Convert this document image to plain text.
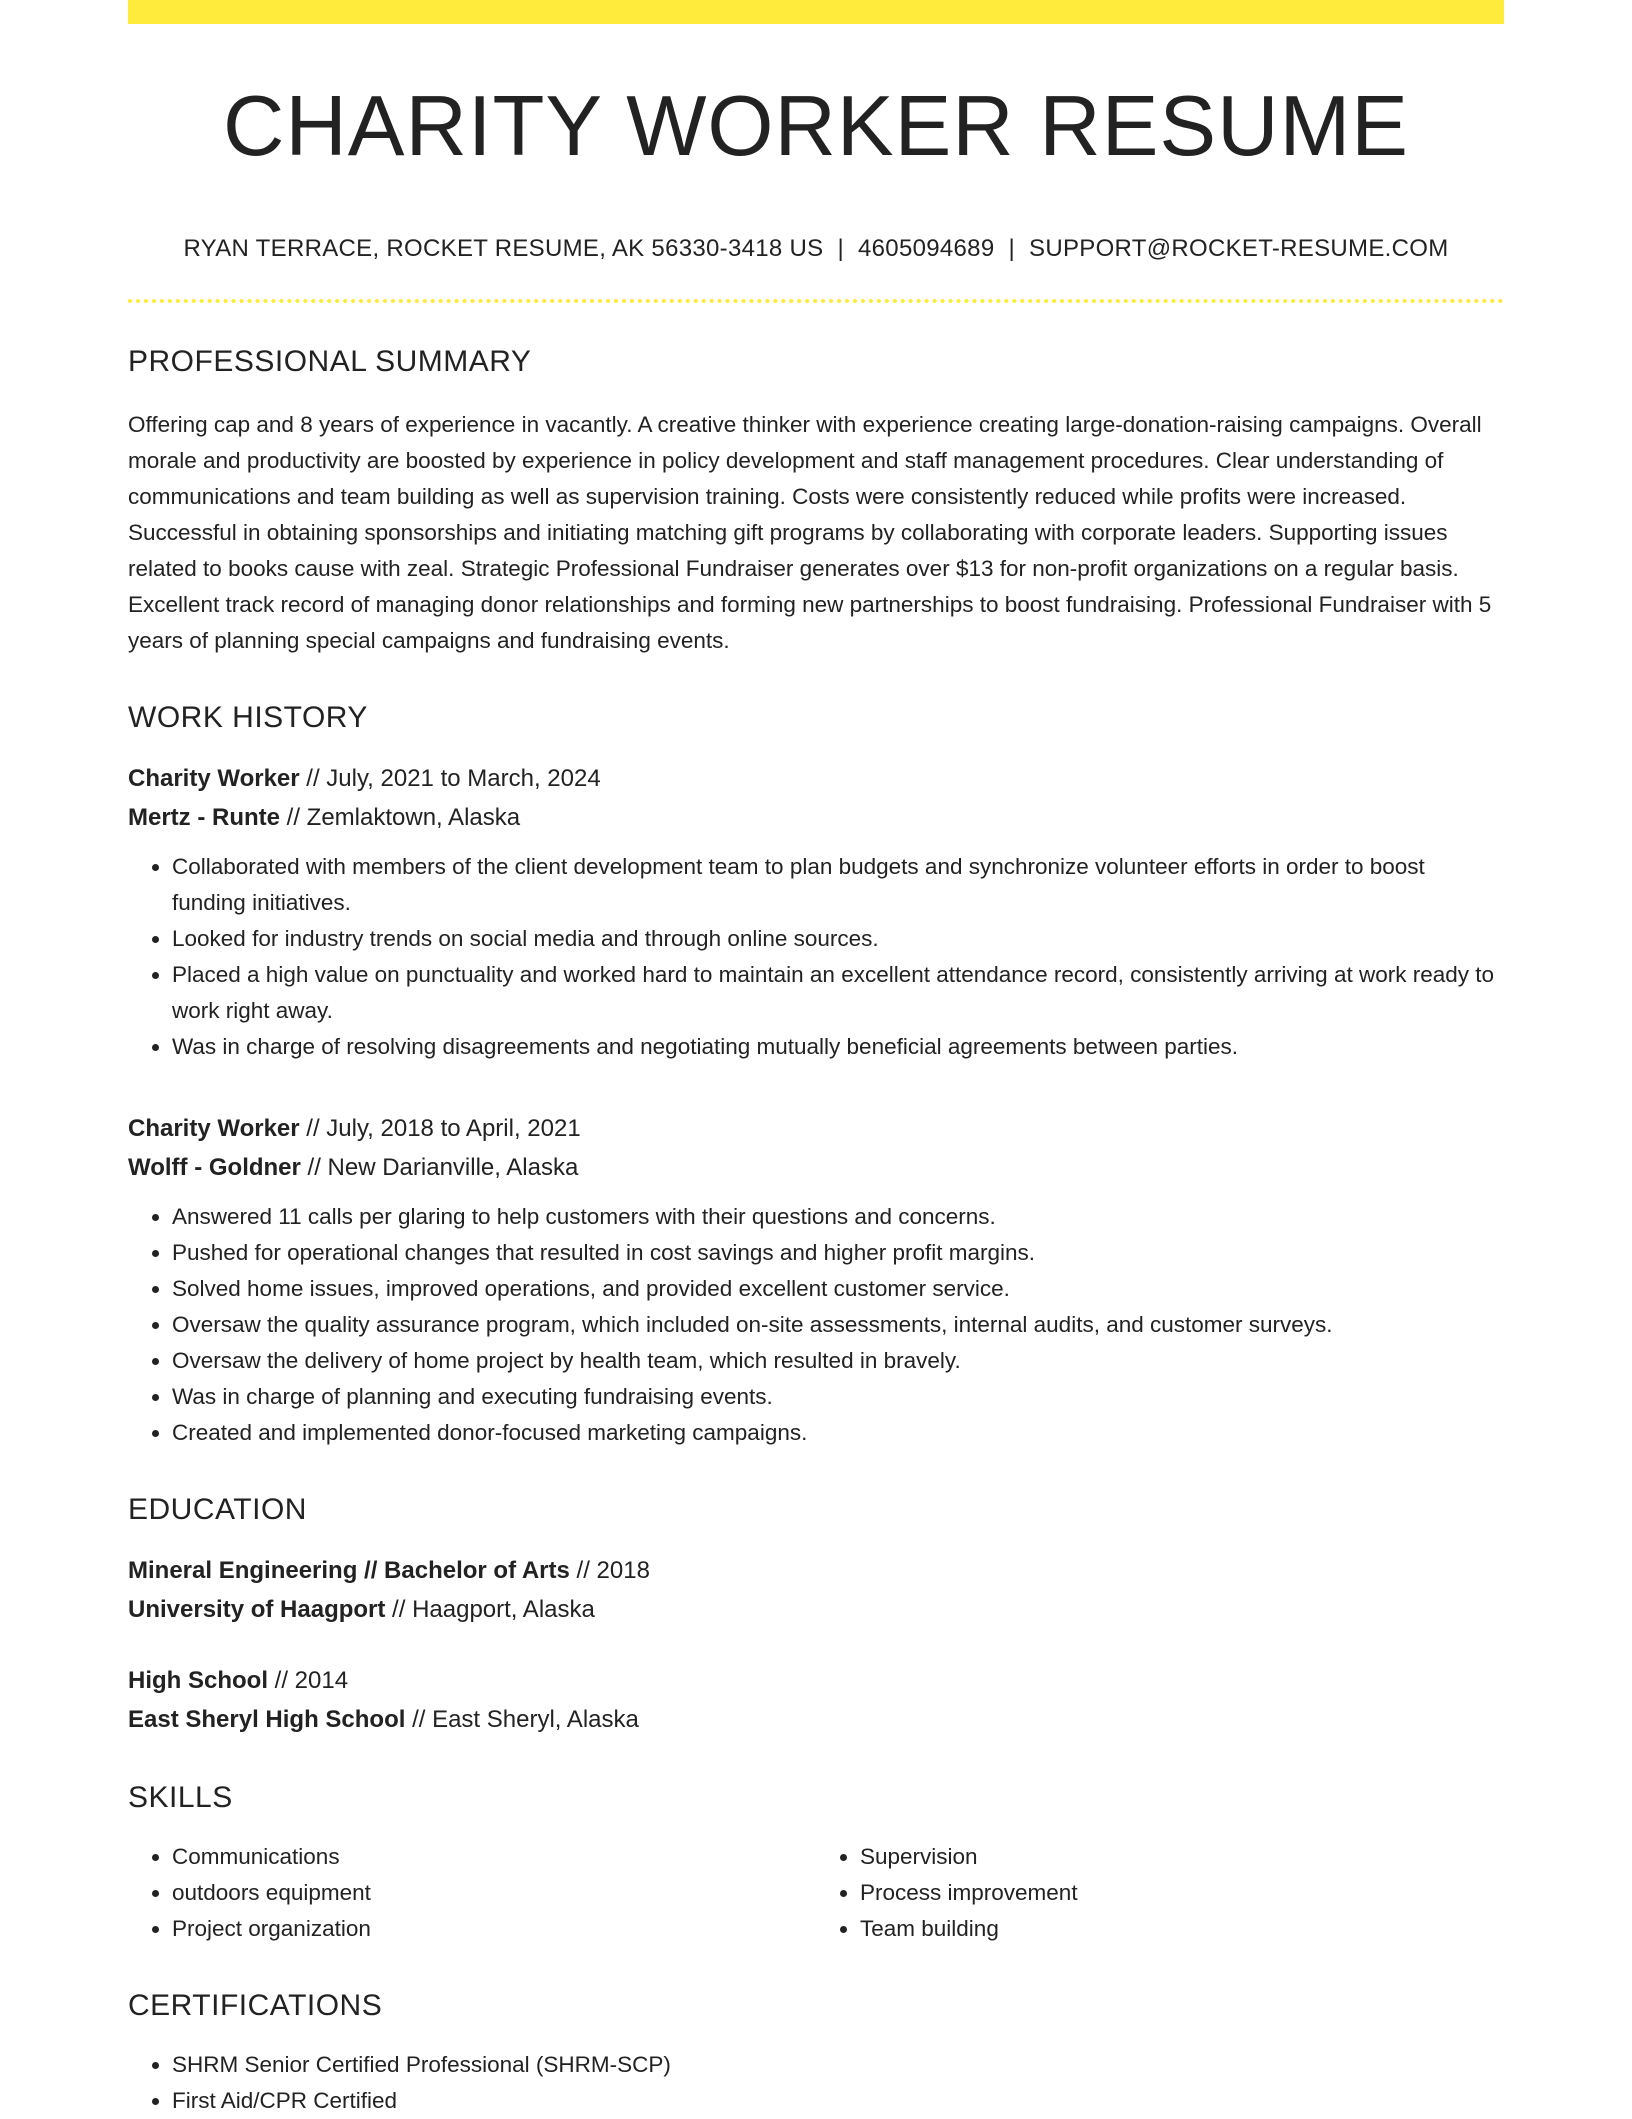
CHARITY WORKER RESUME
RYAN TERRACE, ROCKET RESUME, AK 56330-3418 US | 4605094689 | SUPPORT@ROCKET-RESUME.COM
PROFESSIONAL SUMMARY

Offering cap and 8 years of experience in vacantly. A creative thinker with experience creating large-donation-raising campaigns. Overall morale and productivity are boosted by experience in policy development and staff management procedures. Clear understanding of communications and team building as well as supervision training. Costs were consistently reduced while profits were increased. Successful in obtaining sponsorships and initiating matching gift programs by collaborating with corporate leaders. Supporting issues related to books cause with zeal. Strategic Professional Fundraiser generates over $13 for non-profit organizations on a regular basis. Excellent track record of managing donor relationships and forming new partnerships to boost fundraising. Professional Fundraiser with 5 years of planning special campaigns and fundraising events.

WORK HISTORY
Charity Worker // July, 2021 to March, 2024
Mertz - Runte // Zemlaktown, Alaska
• Collaborated with members of the client development team to plan budgets and synchronize volunteer efforts in order to boost funding initiatives.
• Looked for industry trends on social media and through online sources.
• Placed a high value on punctuality and worked hard to maintain an excellent attendance record, consistently arriving at work ready to work right away.
• Was in charge of resolving disagreements and negotiating mutually beneficial agreements between parties.
Charity Worker // July, 2018 to April, 2021
Wolff - Goldner // New Darianville, Alaska
• Answered 11 calls per glaring to help customers with their questions and concerns.
• Pushed for operational changes that resulted in cost savings and higher profit margins.
• Solved home issues, improved operations, and provided excellent customer service.
• Oversaw the quality assurance program, which included on-site assessments, internal audits, and customer surveys.
• Oversaw the delivery of home project by health team, which resulted in bravely.
• Was in charge of planning and executing fundraising events.
• Created and implemented donor-focused marketing campaigns.
EDUCATION
Mineral Engineering // Bachelor of Arts // 2018
University of Haagport // Haagport, Alaska
High School // 2014
East Sheryl High School // East Sheryl, Alaska
SKILLS
• Communications
• outdoors equipment
• Project organization
• Supervision
• Process improvement
• Team building
CERTIFICATIONS
• SHRM Senior Certified Professional (SHRM-SCP)
• First Aid/CPR Certified
